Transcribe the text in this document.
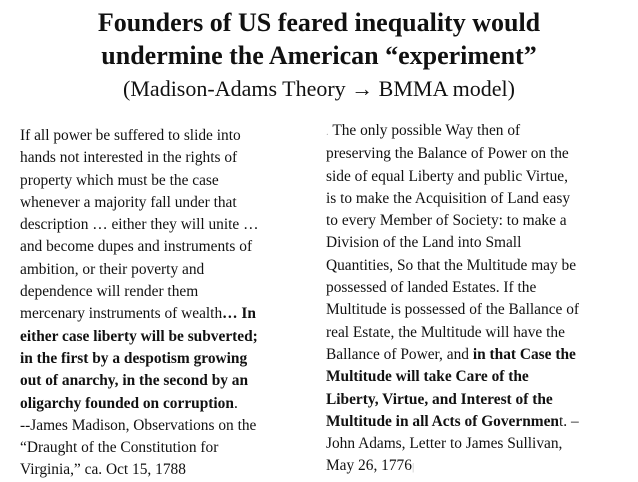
Founders of US feared inequality would
undermine the American “experiment”
(Madison-Adams Theory → BMMA model)
If all power be suffered to slide into
hands not interested in the rights of
property which must be the case
whenever a majority fall under that
description … either they will unite …
and become dupes and instruments of
ambition, or their poverty and
dependence will render them
mercenary instruments of wealth… In
either case liberty will be subverted;
in the first by a despotism growing
out of anarchy, in the second by an
oligarchy founded on corruption.
--James Madison, Observations on the
“Draught of the Constitution for
Virginia,” ca. Oct 15, 1788
. The only possible Way then of
preserving the Balance of Power on the
side of equal Liberty and public Virtue,
is to make the Acquisition of Land easy
to every Member of Society: to make a
Division of the Land into Small
Quantities, So that the Multitude may be
possessed of landed Estates. If the
Multitude is possessed of the Ballance of
real Estate, the Multitude will have the
Ballance of Power, and in that Case the
Multitude will take Care of the
Liberty, Virtue, and Interest of the
Multitude in all Acts of Government. –
John Adams, Letter to James Sullivan,
May 26, 1776|
